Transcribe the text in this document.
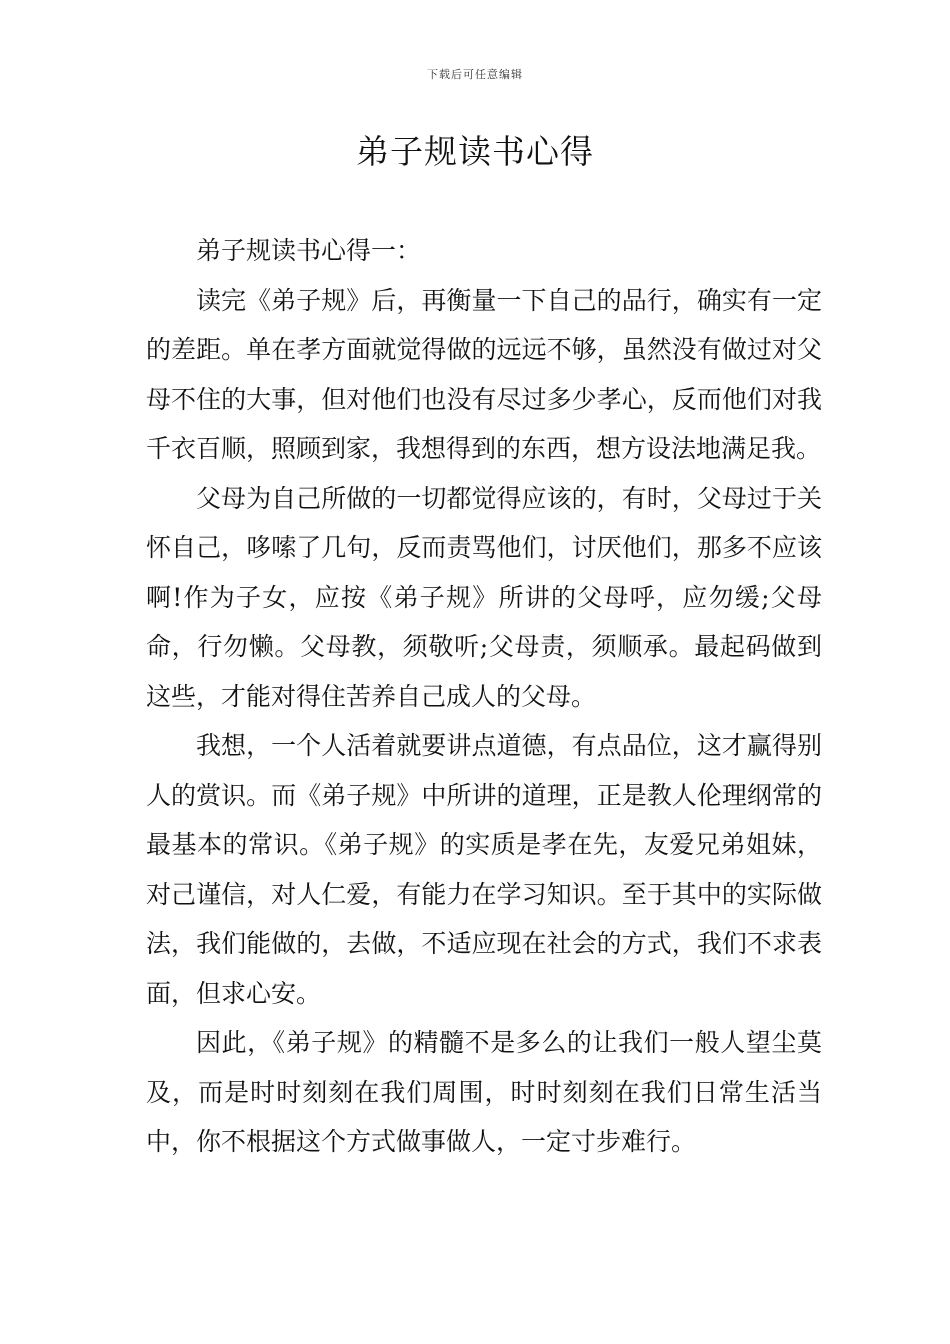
下载后可任意编辑
弟子规读书心得

弟子规读书心得一：

读完《弟子规》后，再衡量一下自己的品行，确实有一定的差距。单在孝方面就觉得做的远远不够，虽然没有做过对父母不住的大事，但对他们也没有尽过多少孝心，反而他们对我千衣百顺，照顾到家，我想得到的东西，想方设法地满足我。

父母为自己所做的一切都觉得应该的，有时，父母过于关怀自己，哆嗦了几句，反而责骂他们，讨厌他们，那多不应该啊!作为子女，应按《弟子规》所讲的父母呼，应勿缓;父母命，行勿懒。父母教，须敬听;父母责，须顺承。最起码做到这些，才能对得住苦养自己成人的父母。

我想，一个人活着就要讲点道德，有点品位，这才赢得别人的赏识。而《弟子规》中所讲的道理，正是教人伦理纲常的最基本的常识。《弟子规》的实质是孝在先，友爱兄弟姐妹，对己谨信，对人仁爱，有能力在学习知识。至于其中的实际做法，我们能做的，去做，不适应现在社会的方式，我们不求表面，但求心安。

因此，《弟子规》的精髓不是多么的让我们一般人望尘莫及，而是时时刻刻在我们周围，时时刻刻在我们日常生活当中，你不根据这个方式做事做人，一定寸步难行。
